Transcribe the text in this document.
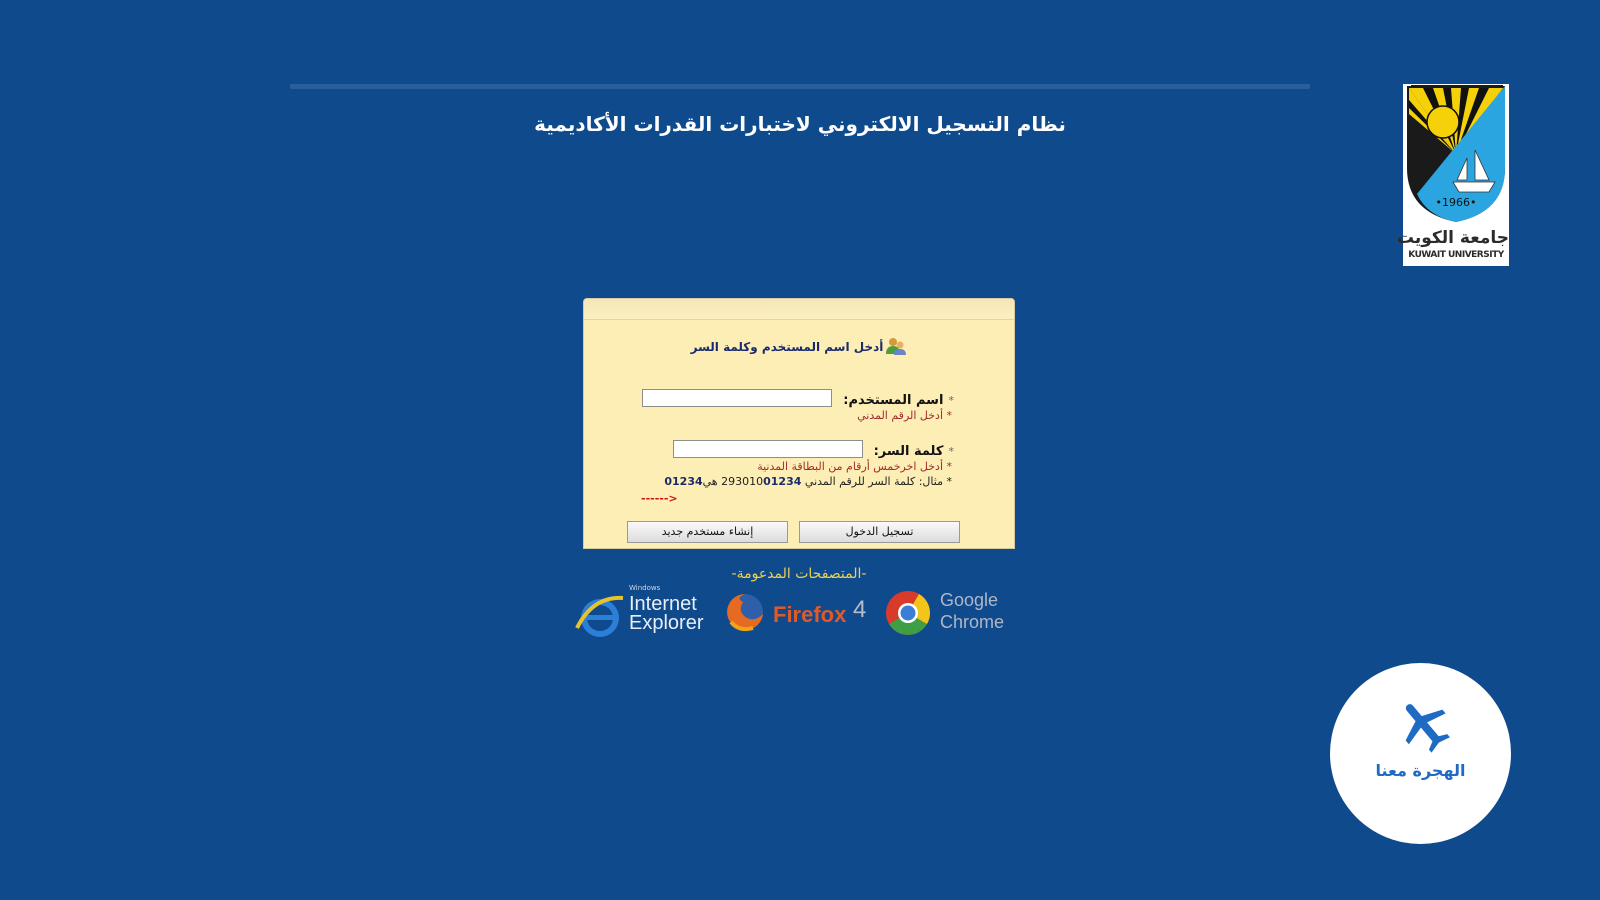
نظام التسجيل الالكتروني لاختبارات القدرات الأكاديمية
•1966•
جامعة الكويت
KUWAIT UNIVERSITY
أدخل اسم المستخدم وكلمة السر
* اسم المستخدم:
* أدخل الرقم المدني
* كلمة السر:
* أدخل اخرخمس أرقام من البطاقة المدنية
* مثال: كلمة السر للرقم المدني 29301001234 هي01234
------>
تسجيل الدخول
إنشاء مستخدم جديد
-المتصفحات المدعومة-
Windows
Internet
Explorer	Firefox 4	Google
Chrome
الهجرة معنا
